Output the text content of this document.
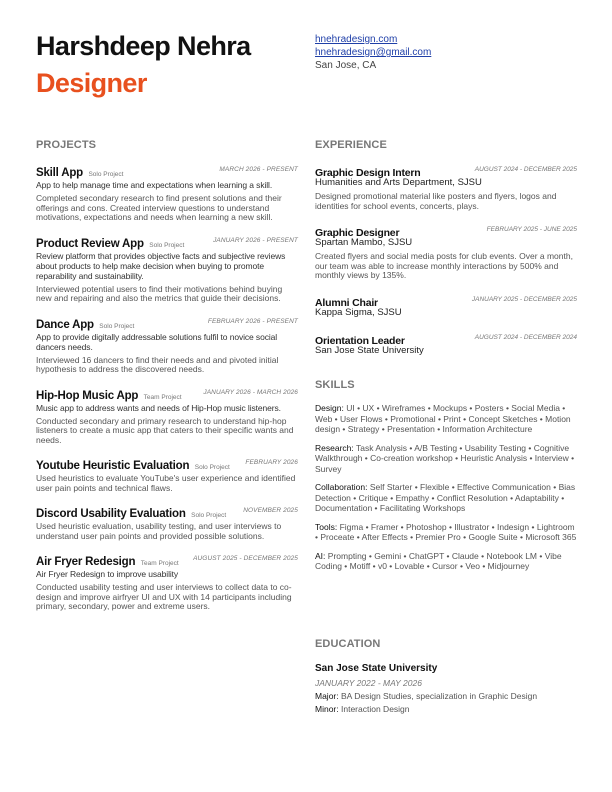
Harshdeep Nehra
Designer
hnehradesign.com
hnehradesign@gmail.com
San Jose, CA
PROJECTS
Skill App Solo Project
MARCH 2026 - PRESENT
App to help manage time and expectations when learning a skill.
Completed secondary research to find present solutions and their offerings and cons. Created interview questions to understand motivations, expectations and needs when learning a new skill.
Product Review App Solo Project
JANUARY 2026 - PRESENT
Review platform that provides objective facts and subjective reviews about products to help make decision when buying to promote reparability and sustainability.
Interviewed potential users to find their motivations behind buying new and repairing and also the metrics that guide their decisions.
Dance App Solo Project
FEBRUARY 2026 - PRESENT
App to provide digitally addressable solutions fulfil to novice social dancers needs.
Interviewed 16 dancers to find their needs and and pivoted initial hypothesis to address the discovered needs.
Hip-Hop Music App Team Project
JANUARY 2026 - MARCH 2026
Music app to address wants and needs of Hip-Hop music listeners.
Conducted secondary and primary research to understand hip-hop listeners to create a music app that caters to their specific wants and needs.
Youtube Heuristic Evaluation Solo Project
FEBRUARY 2026
Used heuristics to evaluate YouTube's user experience and identified user pain points and technical flaws.
Discord Usability Evaluation Solo Project
NOVEMBER 2025
Used heuristic evaluation, usability testing, and user interviews to understand user pain points and provided possible solutions.
Air Fryer Redesign Team Project
AUGUST 2025 - DECEMBER 2025
Air Fryer Redesign to improve usability
Conducted usability testing and user interviews to collect data to co-design and improve airfryer UI and UX with 14 participants including primary, secondary, power and extreme users.
EXPERIENCE
Graphic Design Intern	AUGUST 2024 - DECEMBER 2025
Humanities and Arts Department, SJSU
Designed promotional material like posters and flyers, logos and identities for school events, concerts, plays.
Graphic Designer	FEBRUARY 2025 - JUNE 2025
Spartan Mambo, SJSU
Created flyers and social media posts for club events. Over a month, our team was able to increase monthly interactions by 500% and monthly views by 135%.
Alumni Chair	JANUARY 2025 - DECEMBER 2025
Kappa Sigma, SJSU
Orientation Leader	AUGUST 2024 - DECEMBER 2024
San Jose State University
SKILLS
Design: UI • UX • Wireframes • Mockups • Posters • Social Media • Web • User Flows • Promotional • Print • Concept Sketches • Motion design • Strategy • Presentation • Information Architecture
Research: Task Analysis • A/B Testing • Usability Testing • Cognitive Walkthrough • Co-creation workshop • Heuristic Analysis • Interview • Survey
Collaboration: Self Starter • Flexible • Effective Communication • Bias Detection • Critique • Empathy • Conflict Resolution • Adaptability • Documentation • Facilitating Workshops
Tools: Figma • Framer • Photoshop • Illustrator • Indesign • Lightroom • Proceate • After Effects • Premier Pro • Google Suite • Microsoft 365
AI: Prompting • Gemini • ChatGPT • Claude • Notebook LM • Vibe Coding • Motiff • v0 • Lovable • Cursor • Veo • Midjourney
EDUCATION
San Jose State University
JANUARY 2022 - MAY 2026
Major: BA Design Studies, specialization in Graphic Design
Minor: Interaction Design
